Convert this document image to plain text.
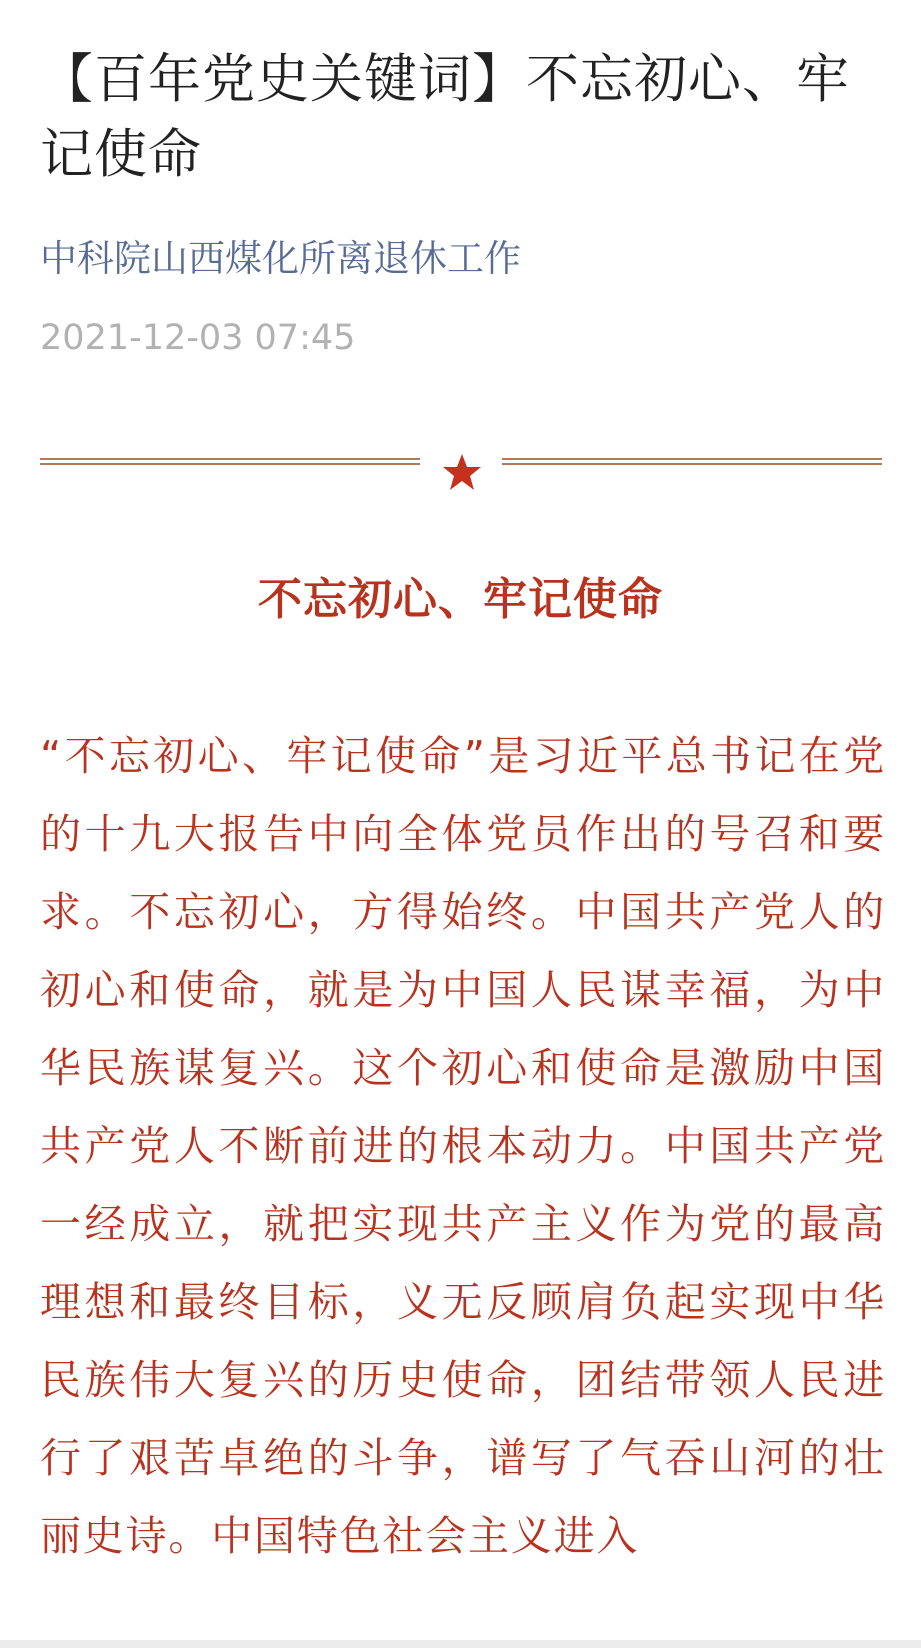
【百年党史关键词】不忘初心、牢记使命
中科院山西煤化所离退休工作
2021-12-03 07:45
不忘初心、牢记使命

“不忘初心、牢记使命”是习近平总书记在党的十九大报告中向全体党员作出的号召和要求。不忘初心，方得始终。中国共产党人的初心和使命，就是为中国人民谋幸福，为中华民族谋复兴。这个初心和使命是激励中国共产党人不断前进的根本动力。中国共产党一经成立，就把实现共产主义作为党的最高理想和最终目标，义无反顾肩负起实现中华民族伟大复兴的历史使命，团结带领人民进行了艰苦卓绝的斗争，谱写了气吞山河的壮丽史诗。中国特色社会主义进入
